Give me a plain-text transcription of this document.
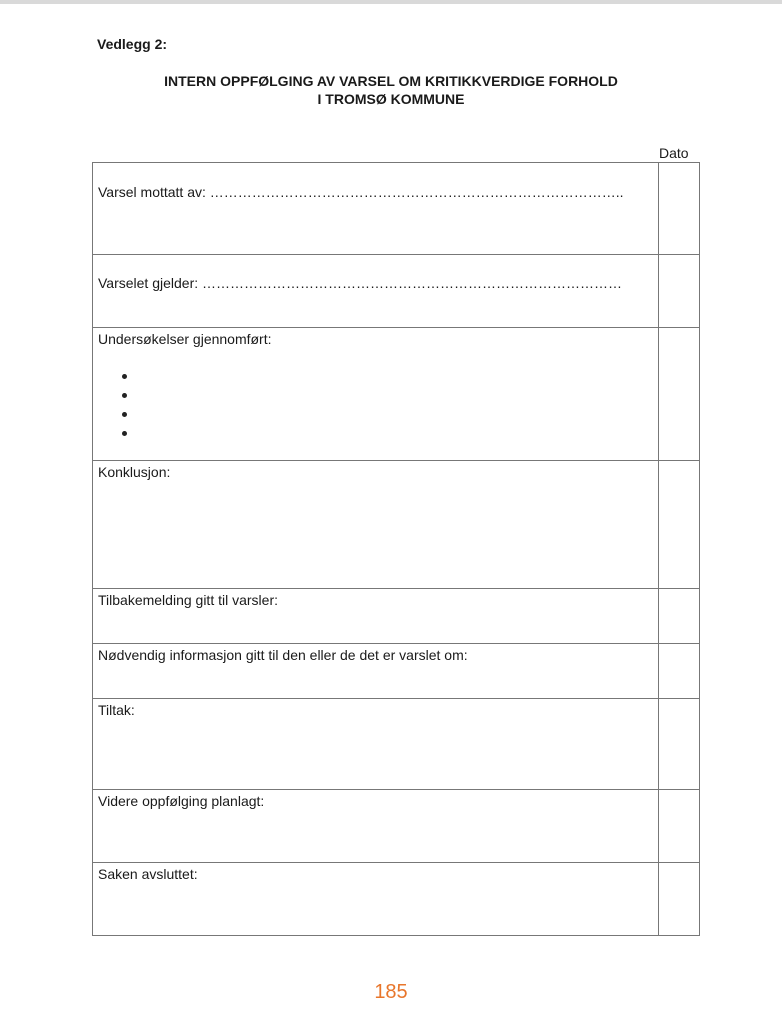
Vedlegg 2:
INTERN OPPFØLGING AV VARSEL OM KRITIKKVERDIGE FORHOLD
I TROMSØ KOMMUNE
Dato
Varsel mottatt av: ……………………………………………………………………………..
Varselet gjelder: ………………………………………………………………………………
Undersøkelser gjennomført:
Konklusjon:
Tilbakemelding gitt til varsler:
Nødvendig informasjon gitt til den eller de det er varslet om:
Tiltak:
Videre oppfølging planlagt:
Saken avsluttet:
185
